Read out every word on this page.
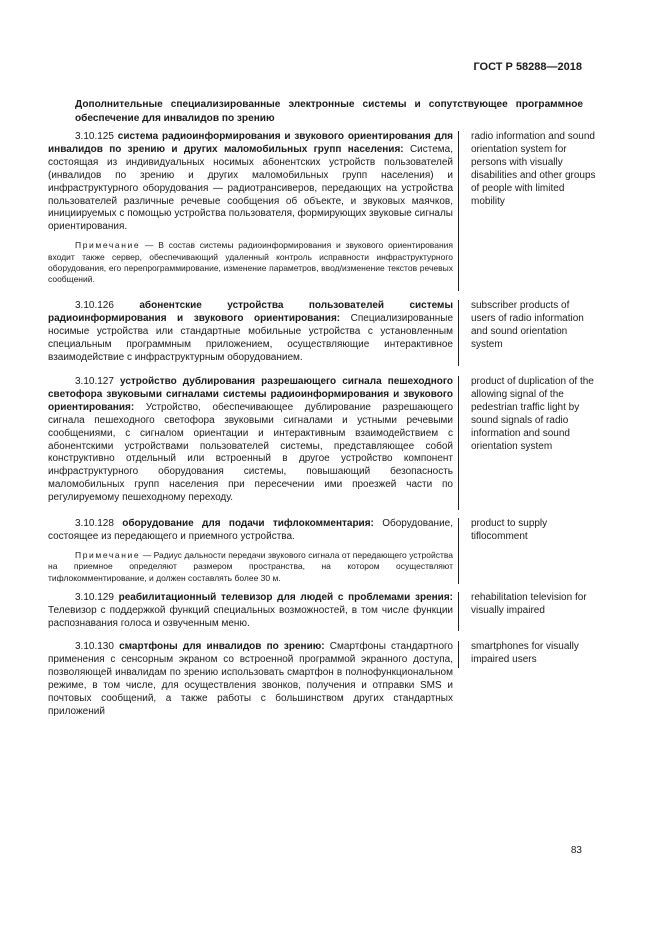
ГОСТ Р 58288—2018
Дополнительные специализированные электронные системы и сопутствующее программное обеспечение для инвалидов по зрению

3.10.125 система радиоинформирования и звукового ориентирования для инвалидов по зрению и других маломобильных групп населения: Система, состоящая из индивидуальных носимых абонентских устройств пользователей (инвалидов по зрению и других маломобильных групп населения) и инфраструктурного оборудования — радиотрансиверов, передающих на устройства пользователей различные речевые сообщения об объекте, и звуковых маячков, инициируемых с помощью устройства пользователя, формирующих звуковые сигналы ориентирования.

Примечание — В состав системы радиоинформирования и звукового ориентирования входит также сервер, обеспечивающий удаленный контроль исправности инфраструктурного оборудования, его перепрограммирование, изменение параметров, ввод/изменение текстов речевых сообщений.

radio information and sound orientation system for persons with visually disabilities and other groups of people with limited mobility

3.10.126	абонентские устройства пользователей системы радиоинформирования и звукового ориентирования: Специализированные носимые устройства или стандартные мобильные устройства с установленным специальным программным приложением, осуществляющие интерактивное взаимодействие с инфраструктурным оборудованием.

subscriber products of users of radio information and sound orientation system

3.10.127 устройство дублирования разрешающего сигнала пешеходного светофора звуковыми сигналами системы радиоинформирования и звукового ориентирования: Устройство, обеспечивающее дублирование разрешающего сигнала пешеходного светофора звуковыми сигналами и устными речевыми сообщениями, с сигналом ориентации и интерактивным взаимодействием с абонентскими устройствами пользователей системы, представляющее собой конструктивно отдельный или встроенный в другое устройство компонент инфраструктурного оборудования системы, повышающий безопасность маломобильных групп населения при пересечении ими проезжей части по регулируемому пешеходному переходу.

product of duplication of the allowing signal of the pedestrian traffic light by sound signals of radio information and sound orientation system

3.10.128 оборудование для подачи тифлокомментария: Оборудование, состоящее из передающего и приемного устройства.

Примечание — Радиус дальности передачи звукового сигнала от передающего устройства на приемное определяют размером пространства, на котором осуществляют тифлокомментирование, и должен составлять более 30 м.

product to supply tiflocomment

3.10.129 реабилитационный телевизор для людей с проблемами зрения: Телевизор с поддержкой функций специальных возможностей, в том числе функции распознавания голоса и озвученным меню.

rehabilitation television for visually impaired

3.10.130 смартфоны для инвалидов по зрению: Смартфоны стандартного применения с сенсорным экраном со встроенной программой экранного доступа, позволяющей инвалидам по зрению использовать смартфон в полнофункциональном режиме, в том числе, для осуществления звонков, получения и отправки SMS и почтовых сообщений, а также работы с большинством других стандартных приложений

smartphones for visually impaired users
83
